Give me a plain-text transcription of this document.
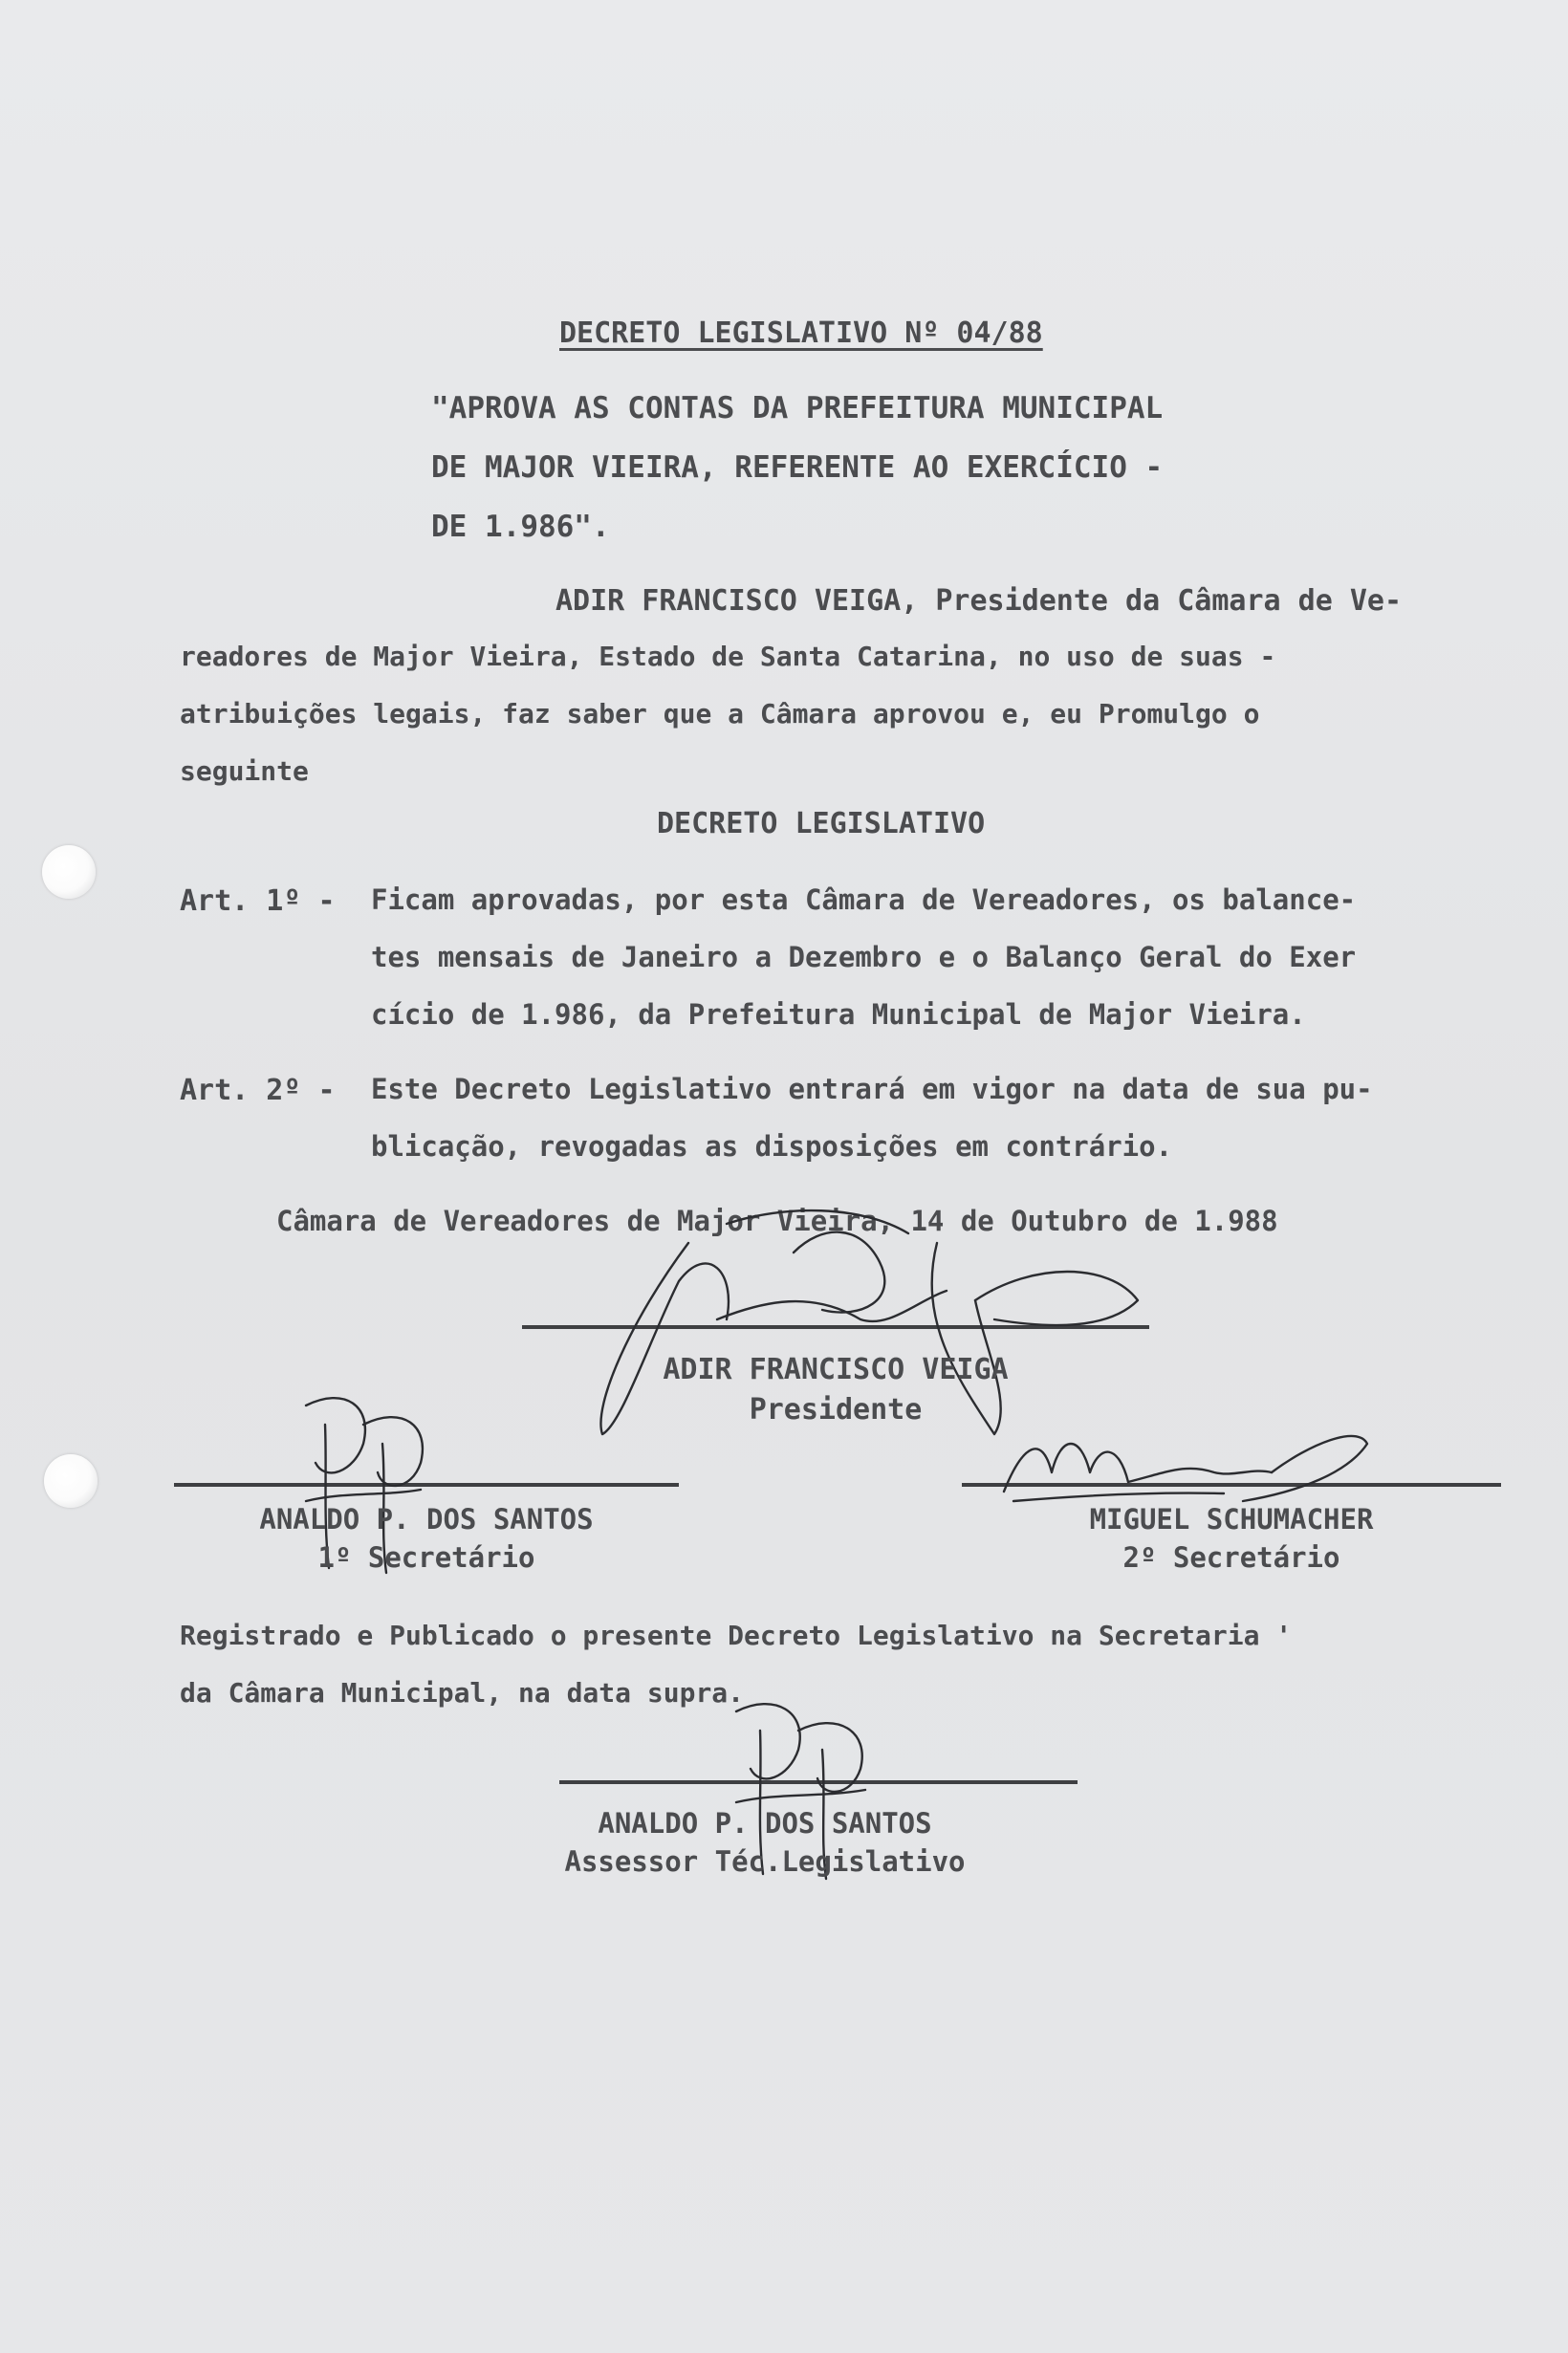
DECRETO LEGISLATIVO Nº 04/88
"APROVA AS CONTAS DA PREFEITURA MUNICIPAL
DE MAJOR VIEIRA, REFERENTE AO EXERCÍCIO -
DE 1.986".
ADIR FRANCISCO VEIGA, Presidente da Câmara de Ve-
readores de Major Vieira, Estado de Santa Catarina, no uso de suas -
atribuições legais, faz saber que a Câmara aprovou e, eu Promulgo o
seguinte
DECRETO LEGISLATIVO
Art. 1º - Ficam aprovadas, por esta Câmara de Vereadores, os balance-
tes mensais de Janeiro a Dezembro e o Balanço Geral do Exer
cício de 1.986, da Prefeitura Municipal de Major Vieira.
Art. 2º - Este Decreto Legislativo entrará em vigor na data de sua pu-
blicação, revogadas as disposições em contrário.
Câmara de Vereadores de Major Vieira, 14 de Outubro de 1.988
ADIR FRANCISCO VEIGA
Presidente
ANALDO P. DOS SANTOS
1º Secretário
MIGUEL SCHUMACHER
2º Secretário
Registrado e Publicado o presente Decreto Legislativo na Secretaria '
da Câmara Municipal, na data supra.
ANALDO P. DOS SANTOS
Assessor Téc.Legislativo
